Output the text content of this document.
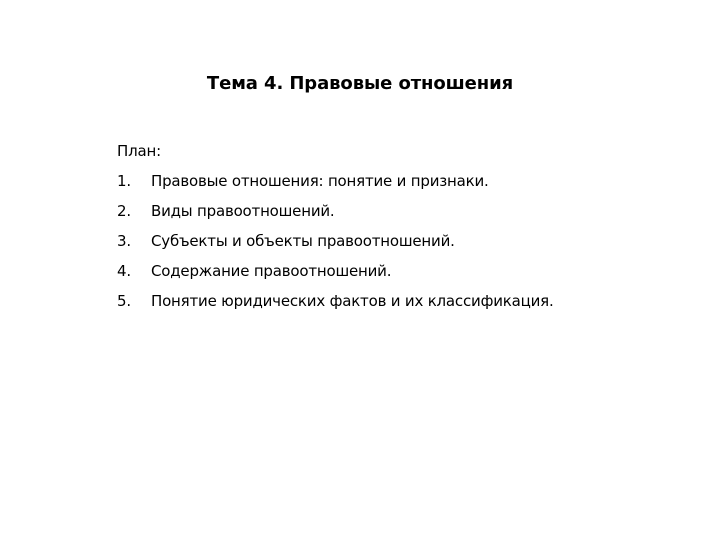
Тема 4. Правовые отношения
План:
1.	Правовые отношения: понятие и признаки.
2.	Виды правоотношений.
3.	Субъекты и объекты правоотношений.
4.	Содержание правоотношений.
5.	Понятие юридических фактов и их классификация.
